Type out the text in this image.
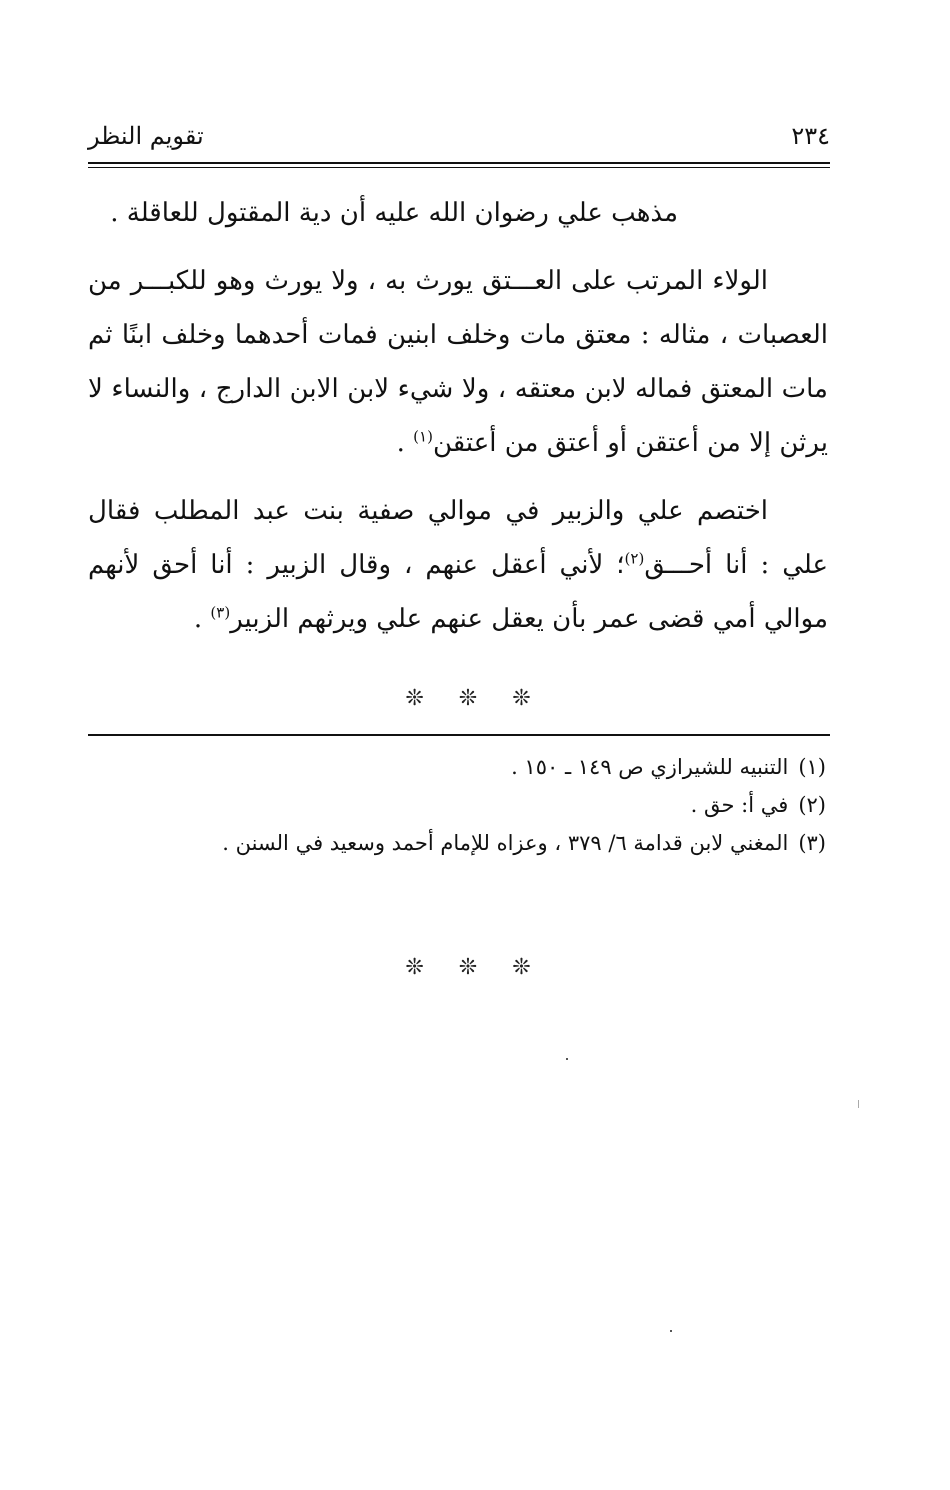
٢٣٤
تقويم النظر

مذهب علي رضوان الله عليه أن دية المقتول للعاقلة .

الولاء المرتب على العـــتق يورث به ، ولا يورث وهو للكبـــر من العصبات ، مثاله : معتق مات وخلف ابنين فمات أحدهما وخلف ابنًا ثم مات المعتق فماله لابن معتقه ، ولا شيء لابن الابن الدارج ، والنساء لا يرثن إلا من أعتقن أو أعتق من أعتقن$^{(١)}$ .

اختصم علي والزبير في موالي صفية بنت عبد المطلب فقال علي : أنا أحـــق$^{(٢)}$؛ لأني أعقل عنهم ، وقال الزبير : أنا أحق لأنهم موالي أمي قضى عمر بأن يعقل عنهم علي ويرثهم الزبير$^{(٣)}$ .

❊ ❊ ❊

(١)التنبيه للشيرازي ص ١٤٩ ـ ١٥٠ .

(٢)في أ: حق .

(٣)المغني لابن قدامة ٦/ ٣٧٩ ، وعزاه للإمام أحمد وسعيد في السنن .

❊ ❊ ❊
